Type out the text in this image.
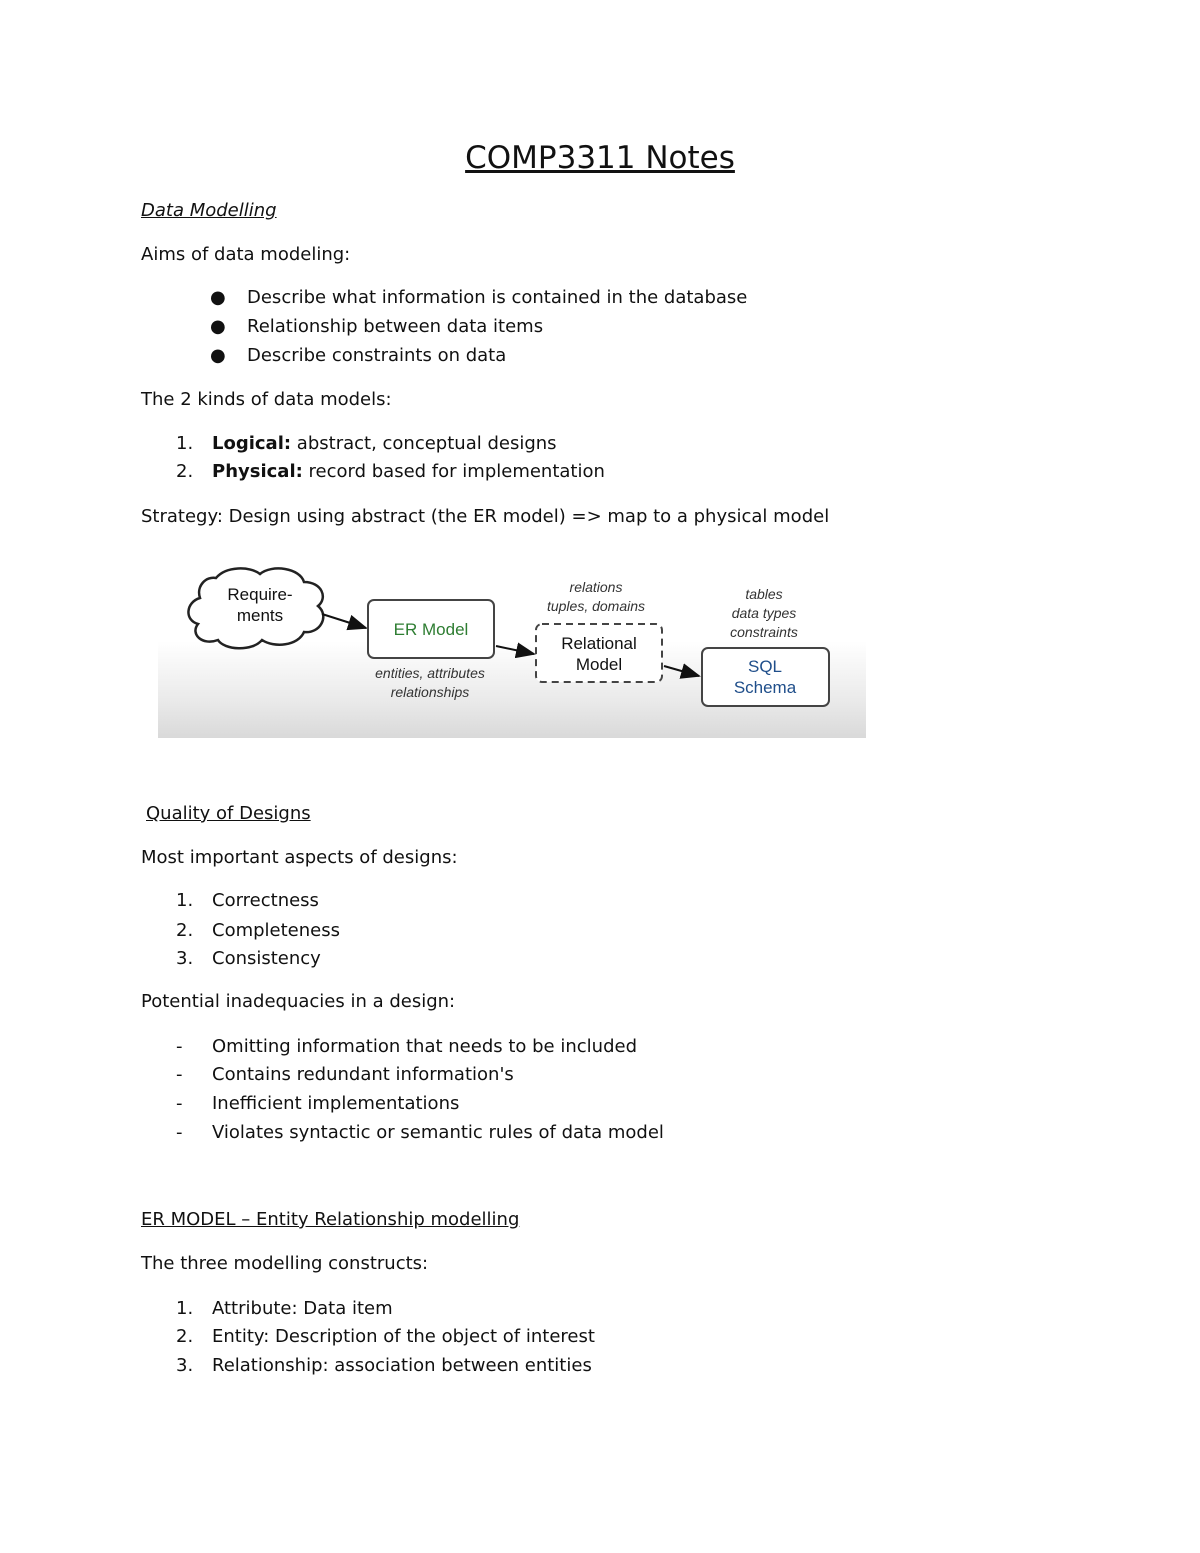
COMP3311 Notes
Data Modelling
Aims of data modeling:
● Describe what information is contained in the database
● Relationship between data items
● Describe constraints on data
The 2 kinds of data models:
1. Logical: abstract, conceptual designs
2. Physical: record based for implementation
Strategy: Design using abstract (the ER model) => map to a physical model
Require-
ments
ER Model
entities, attributes
relationships
Relational
Model
relations
tuples, domains
SQL
Schema
tables
data types
constraints
Quality of Designs
Most important aspects of designs:
1. Correctness
2. Completeness
3. Consistency
Potential inadequacies in a design:
- Omitting information that needs to be included
- Contains redundant information's
- Inefficient implementations
- Violates syntactic or semantic rules of data model
ER MODEL – Entity Relationship modelling
The three modelling constructs:
1. Attribute: Data item
2. Entity: Description of the object of interest
3. Relationship: association between entities
